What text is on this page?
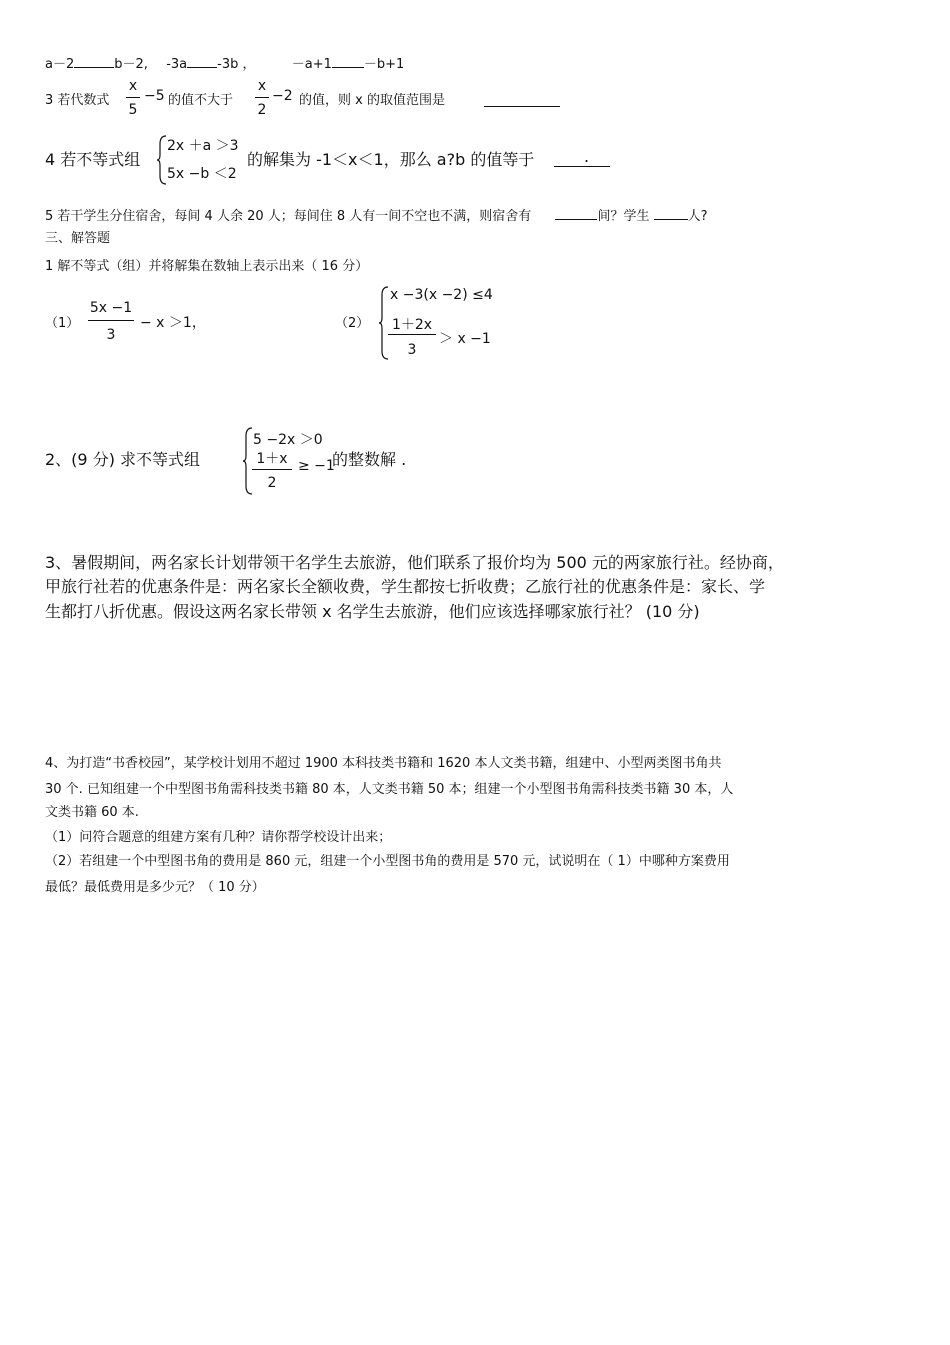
a－2	b－2, -3a -3b ，	－a+1 －b+1
3 若代数式
x
5
−5 的值不大于
x
2
−2 的值，则 x 的取值范围是
4 若不等式组
2x ＋a ＞3
5x −b ＜2
的解集为 -1＜x＜1，那么 a?b 的值等于	.
5 若干学生分住宿舍，每间 4 人余 20 人；每间住 8 人有一间不空也不满，则宿舍有	间？学生	人?
三、解答题
1 解不等式（组）并将解集在数轴上表示出来（ 16 分）
（1）
5x −1
3
− x ＞1，	（2）
x −3(x −2) ≤4
1＋2x
3
＞ x −1
2、(9 分) 求不等式组
5 −2x ＞0
1＋x
2
≥ −1
的整数解 .
3、暑假期间，两名家长计划带领干名学生去旅游，他们联系了报价均为 500 元的两家旅行社。经协商，
甲旅行社若的优惠条件是：两名家长全额收费，学生都按七折收费；乙旅行社的优惠条件是：家长、学
生都打八折优惠。假设这两名家长带领 x 名学生去旅游，他们应该选择哪家旅行社？ (10 分)
4、为打造“书香校园”，某学校计划用不超过 1900 本科技类书籍和 1620 本人文类书籍，组建中、小型两类图书角共
30 个. 已知组建一个中型图书角需科技类书籍 80 本，人文类书籍 50 本；组建一个小型图书角需科技类书籍 30 本，人
文类书籍 60 本.
（1）问符合题意的组建方案有几种？请你帮学校设计出来；
（2）若组建一个中型图书角的费用是 860 元，组建一个小型图书角的费用是 570 元，试说明在（ 1）中哪种方案费用
最低？最低费用是多少元？（ 10 分）
